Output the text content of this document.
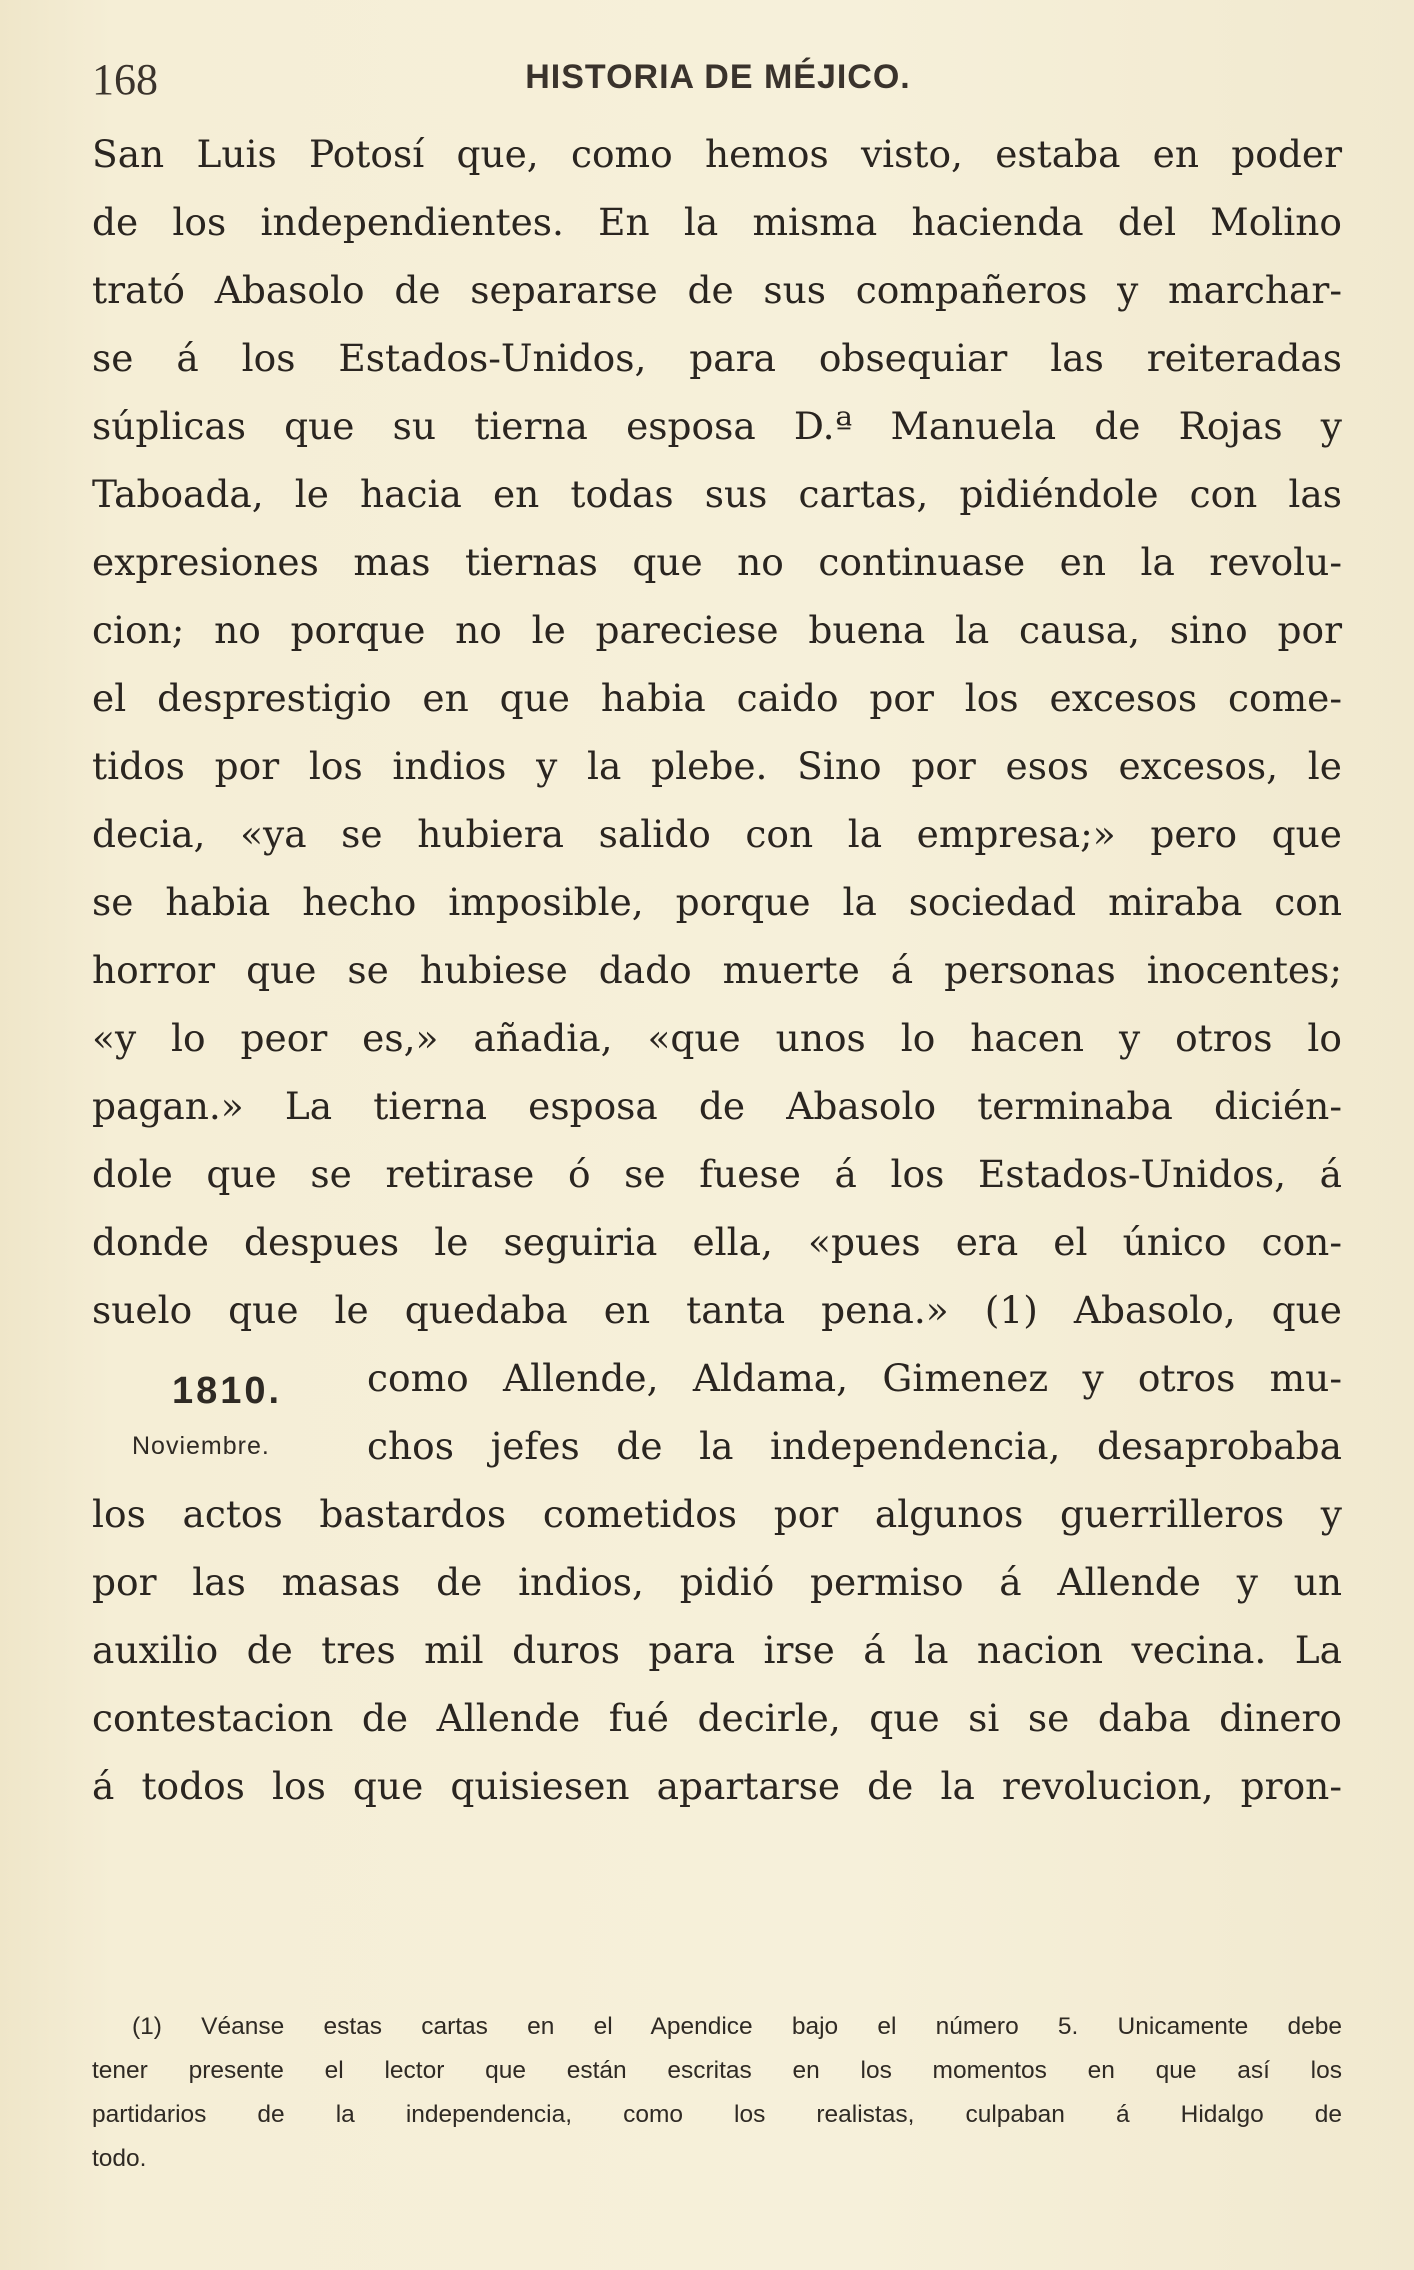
168	HISTORIA DE MÉJICO.
San Luis Potosí que, como hemos visto, estaba en poder
de los independientes. En la misma hacienda del Molino
trató Abasolo de separarse de sus compañeros y marchar-
se á los Estados-Unidos, para obsequiar las reiteradas
súplicas que su tierna esposa D.ª Manuela de Rojas y
Taboada, le hacia en todas sus cartas, pidiéndole con las
expresiones mas tiernas que no continuase en la revolu-
cion; no porque no le pareciese buena la causa, sino por
el desprestigio en que habia caido por los excesos come-
tidos por los indios y la plebe. Sino por esos excesos, le
decia, «ya se hubiera salido con la empresa;» pero que
se habia hecho imposible, porque la sociedad miraba con
horror que se hubiese dado muerte á personas inocentes;
«y lo peor es,» añadia, «que unos lo hacen y otros lo
pagan.» La tierna esposa de Abasolo terminaba dicién-
dole que se retirase ó se fuese á los Estados-Unidos, á
donde despues le seguiria ella, «pues era el único con-
suelo que le quedaba en tanta pena.» (1) Abasolo, que
como Allende, Aldama, Gimenez y otros mu-
chos jefes de la independencia, desaprobaba
los actos bastardos cometidos por algunos guerrilleros y
por las masas de indios, pidió permiso á Allende y un
auxilio de tres mil duros para irse á la nacion vecina. La
contestacion de Allende fué decirle, que si se daba dinero
á todos los que quisiesen apartarse de la revolucion, pron-
1810.
Noviembre.
(1) Véanse estas cartas en el Apendice bajo el número 5. Unicamente debe
tener presente el lector que están escritas en los momentos en que así los
partidarios de la independencia, como los realistas, culpaban á Hidalgo de
todo.
